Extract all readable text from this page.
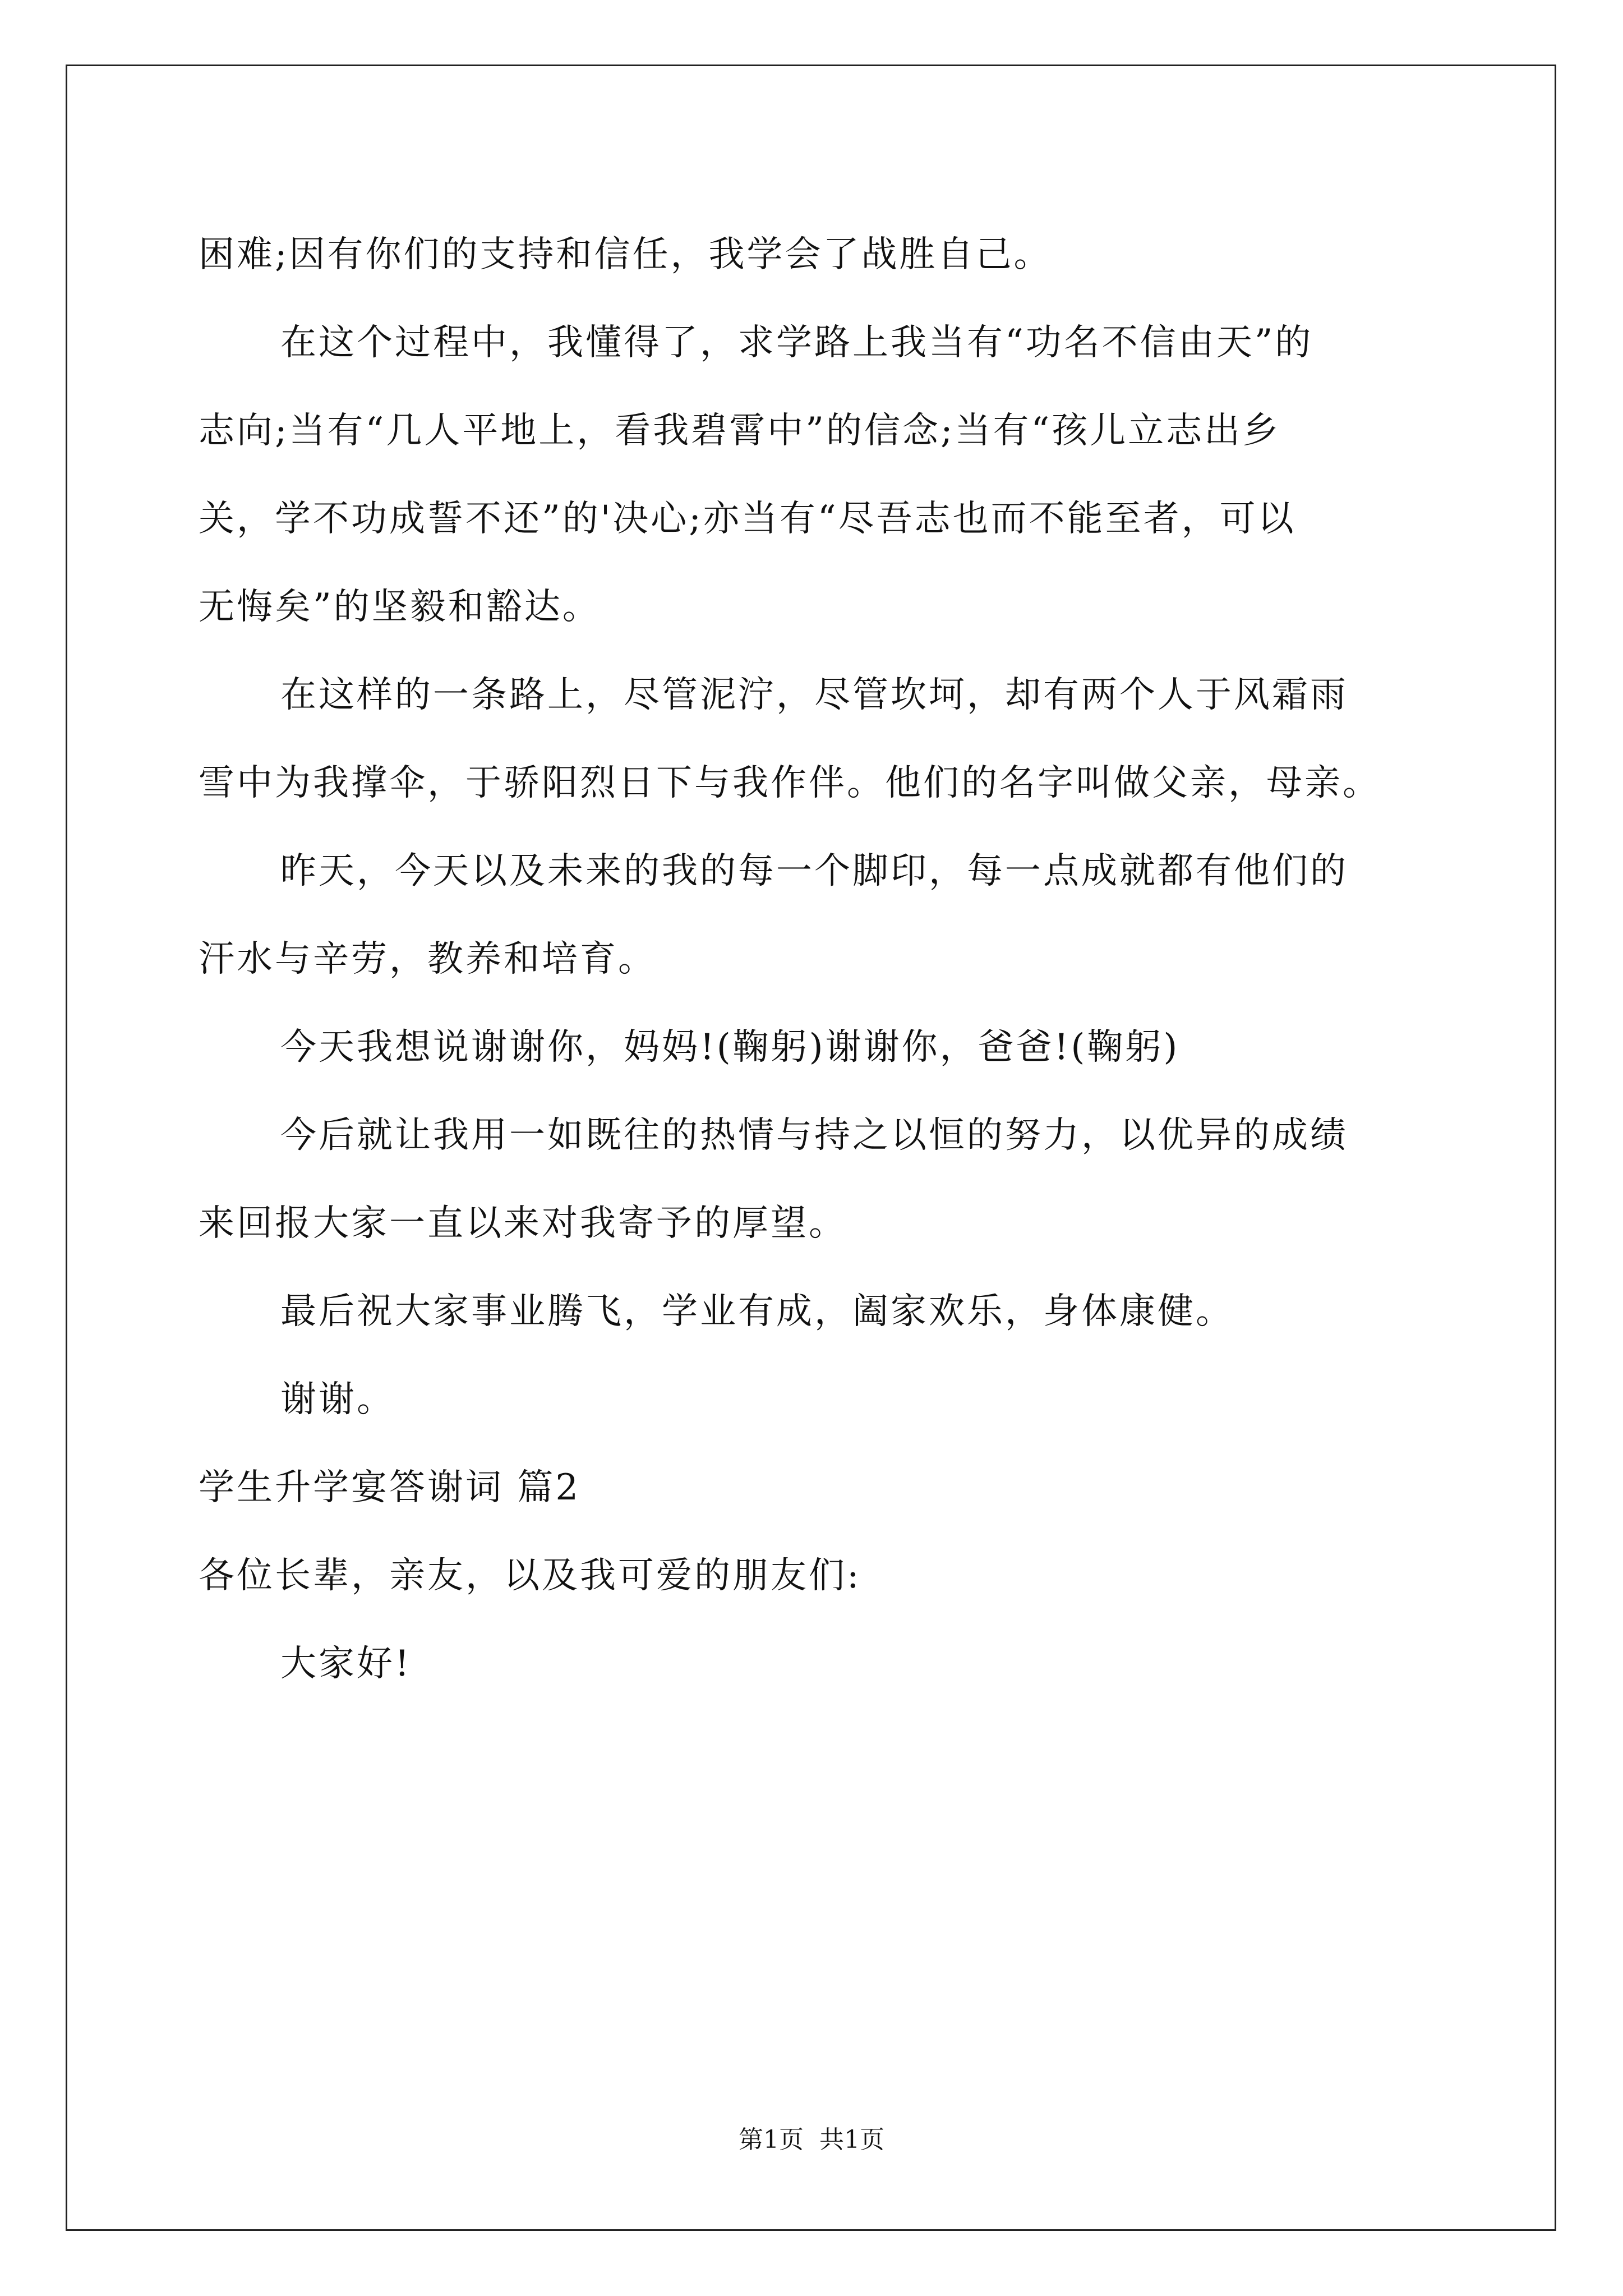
困难;因有你们的支持和信任，我学会了战胜自己。

在这个过程中，我懂得了，求学路上我当有“功名不信由天”的

志向;当有“几人平地上，看我碧霄中”的信念;当有“孩儿立志出乡

关，学不功成誓不还”的'决心;亦当有“尽吾志也而不能至者，可以

无悔矣”的坚毅和豁达。

在这样的一条路上，尽管泥泞，尽管坎坷，却有两个人于风霜雨

雪中为我撑伞，于骄阳烈日下与我作伴。他们的名字叫做父亲，母亲。

昨天，今天以及未来的我的每一个脚印，每一点成就都有他们的

汗水与辛劳，教养和培育。

今天我想说谢谢你，妈妈!(鞠躬)谢谢你，爸爸!(鞠躬)

今后就让我用一如既往的热情与持之以恒的努力，以优异的成绩

来回报大家一直以来对我寄予的厚望。

最后祝大家事业腾飞，学业有成，阖家欢乐，身体康健。

谢谢。

学生升学宴答谢词 篇2

各位长辈，亲友，以及我可爱的朋友们:

大家好!

第1页  共1页
